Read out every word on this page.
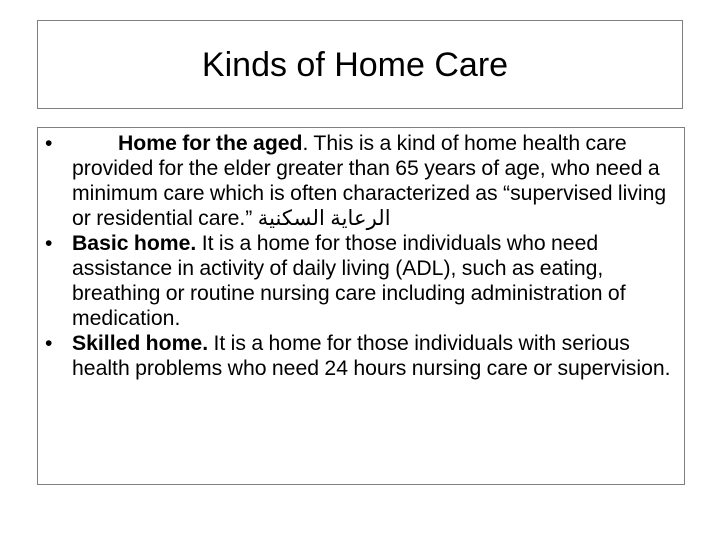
Kinds of Home Care
•	Home for the aged. This is a kind of home health care provided for the elder greater than 65 years of age, who need a minimum care which is often characterized as “supervised living or residential care.” الرعاية السكنية
• Basic home. It is a home for those individuals who need assistance in activity of daily living (ADL), such as eating, breathing or routine nursing care including administration of medication.
• Skilled home. It is a home for those individuals with serious health problems who need 24 hours nursing care or supervision.
